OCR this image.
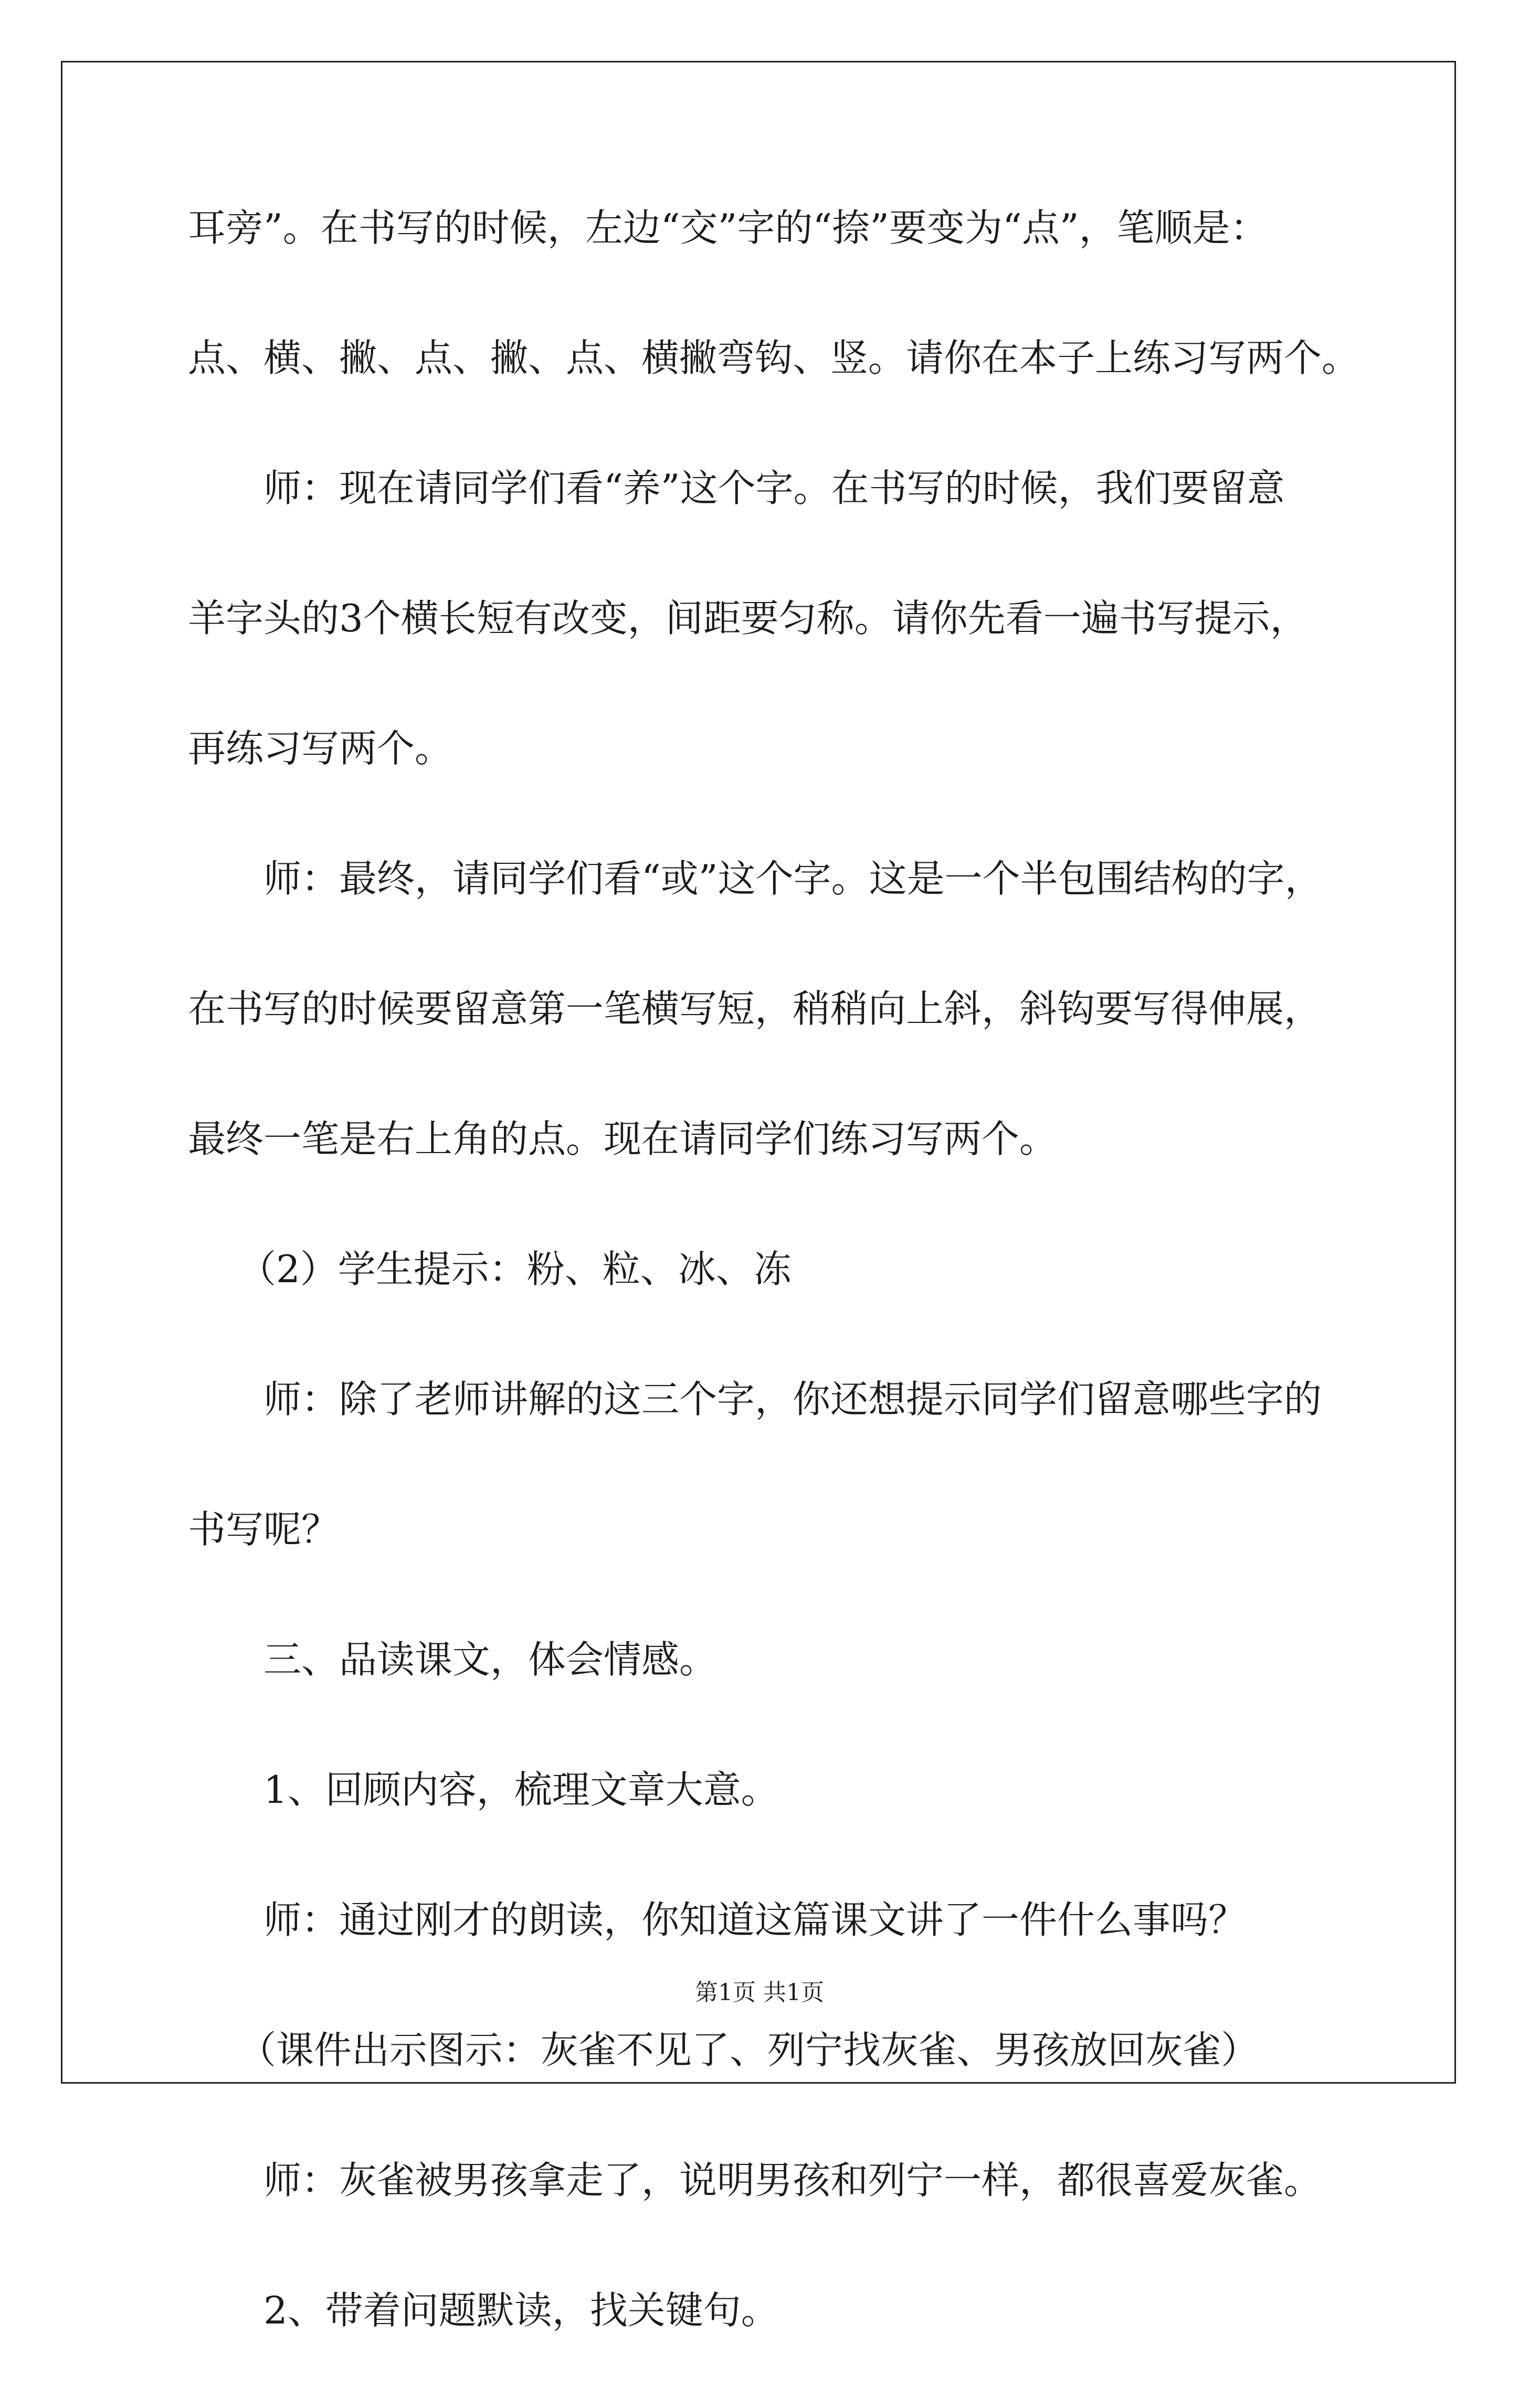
耳旁”。在书写的时候，左边“交”字的“捺”要变为“点”，笔顺是：
点、横、撇、点、撇、点、横撇弯钩、竖。请你在本子上练习写两个。
师：现在请同学们看“养”这个字。在书写的时候，我们要留意
羊字头的3个横长短有改变，间距要匀称。请你先看一遍书写提示，
再练习写两个。
师：最终，请同学们看“或”这个字。这是一个半包围结构的字，
在书写的时候要留意第一笔横写短，稍稍向上斜，斜钩要写得伸展，
最终一笔是右上角的点。现在请同学们练习写两个。
（2）学生提示：粉、粒、冰、冻
师：除了老师讲解的这三个字，你还想提示同学们留意哪些字的
书写呢？
三、品读课文，体会情感。
1、回顾内容，梳理文章大意。
师：通过刚才的朗读，你知道这篇课文讲了一件什么事吗？
（课件出示图示：灰雀不见了、列宁找灰雀、男孩放回灰雀）
师：灰雀被男孩拿走了，说明男孩和列宁一样，都很喜爱灰雀。
2、带着问题默读，找关键句。
第1页 共1页
